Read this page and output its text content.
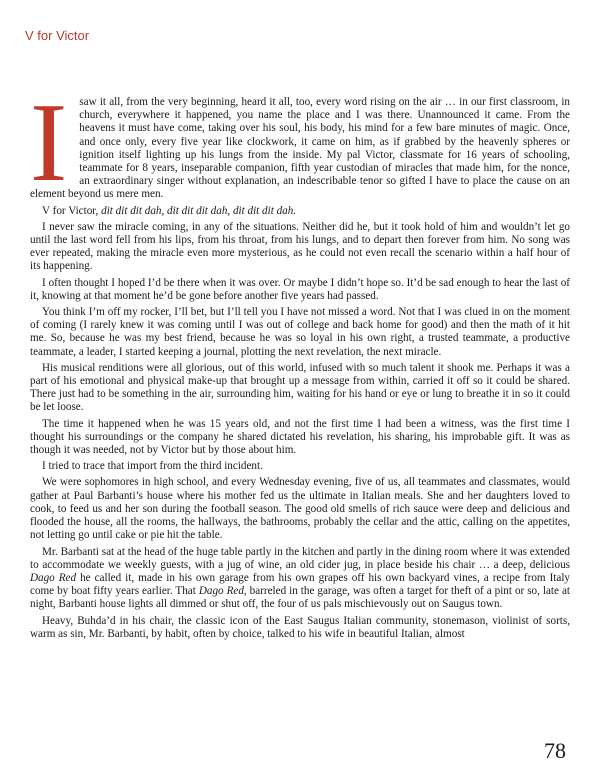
V for Victor

I saw it all, from the very beginning, heard it all, too, every word rising on the air … in our first classroom, in church, everywhere it happened, you name the place and I was there. Unannounced it came. From the heavens it must have come, taking over his soul, his body, his mind for a few bare minutes of magic. Once, and once only, every five year like clockwork, it came on him, as if grabbed by the heavenly spheres or ignition itself lighting up his lungs from the inside. My pal Victor, classmate for 16 years of schooling, teammate for 8 years, inseparable companion, fifth year custodian of miracles that made him, for the nonce, an extraordinary singer without explanation, an indescribable tenor so gifted I have to place the cause on an element beyond us mere men.

V for Victor, dit dit dit dah, dit dit dit dah, dit dit dit dah.

I never saw the miracle coming, in any of the situations. Neither did he, but it took hold of him and wouldn’t let go until the last word fell from his lips, from his throat, from his lungs, and to depart then forever from him. No song was ever repeated, making the miracle even more mysterious, as he could not even recall the scenario within a half hour of its happening.

I often thought I hoped I’d be there when it was over. Or maybe I didn’t hope so. It’d be sad enough to hear the last of it, knowing at that moment he’d be gone before another five years had passed.

You think I’m off my rocker, I’ll bet, but I’ll tell you I have not missed a word. Not that I was clued in on the moment of coming (I rarely knew it was coming until I was out of college and back home for good) and then the math of it hit me. So, because he was my best friend, because he was so loyal in his own right, a trusted teammate, a productive teammate, a leader, I started keeping a journal, plotting the next revelation, the next miracle.

His musical renditions were all glorious, out of this world, infused with so much talent it shook me. Perhaps it was a part of his emotional and physical make-up that brought up a message from within, carried it off so it could be shared. There just had to be something in the air, surrounding him, waiting for his hand or eye or lung to breathe it in so it could be let loose.

The time it happened when he was 15 years old, and not the first time I had been a witness, was the first time I thought his surroundings or the company he shared dictated his revelation, his sharing, his improbable gift. It was as though it was needed, not by Victor but by those about him.

I tried to trace that import from the third incident.

We were sophomores in high school, and every Wednesday evening, five of us, all teammates and classmates, would gather at Paul Barbanti’s house where his mother fed us the ultimate in Italian meals. She and her daughters loved to cook, to feed us and her son during the football season. The good old smells of rich sauce were deep and delicious and flooded the house, all the rooms, the hallways, the bathrooms, probably the cellar and the attic, calling on the appetites, not letting go until cake or pie hit the table.

Mr. Barbanti sat at the head of the huge table partly in the kitchen and partly in the dining room where it was extended to accommodate we weekly guests, with a jug of wine, an old cider jug, in place beside his chair … a deep, delicious Dago Red he called it, made in his own garage from his own grapes off his own backyard vines, a recipe from Italy come by boat fifty years earlier. That Dago Red, barreled in the garage, was often a target for theft of a pint or so, late at night, Barbanti house lights all dimmed or shut off, the four of us pals mischievously out on Saugus town.

Heavy, Buhda’d in his chair, the classic icon of the East Saugus Italian community, stonemason, violinist of sorts, warm as sin, Mr. Barbanti, by habit, often by choice, talked to his wife in beautiful Italian, almost

78
